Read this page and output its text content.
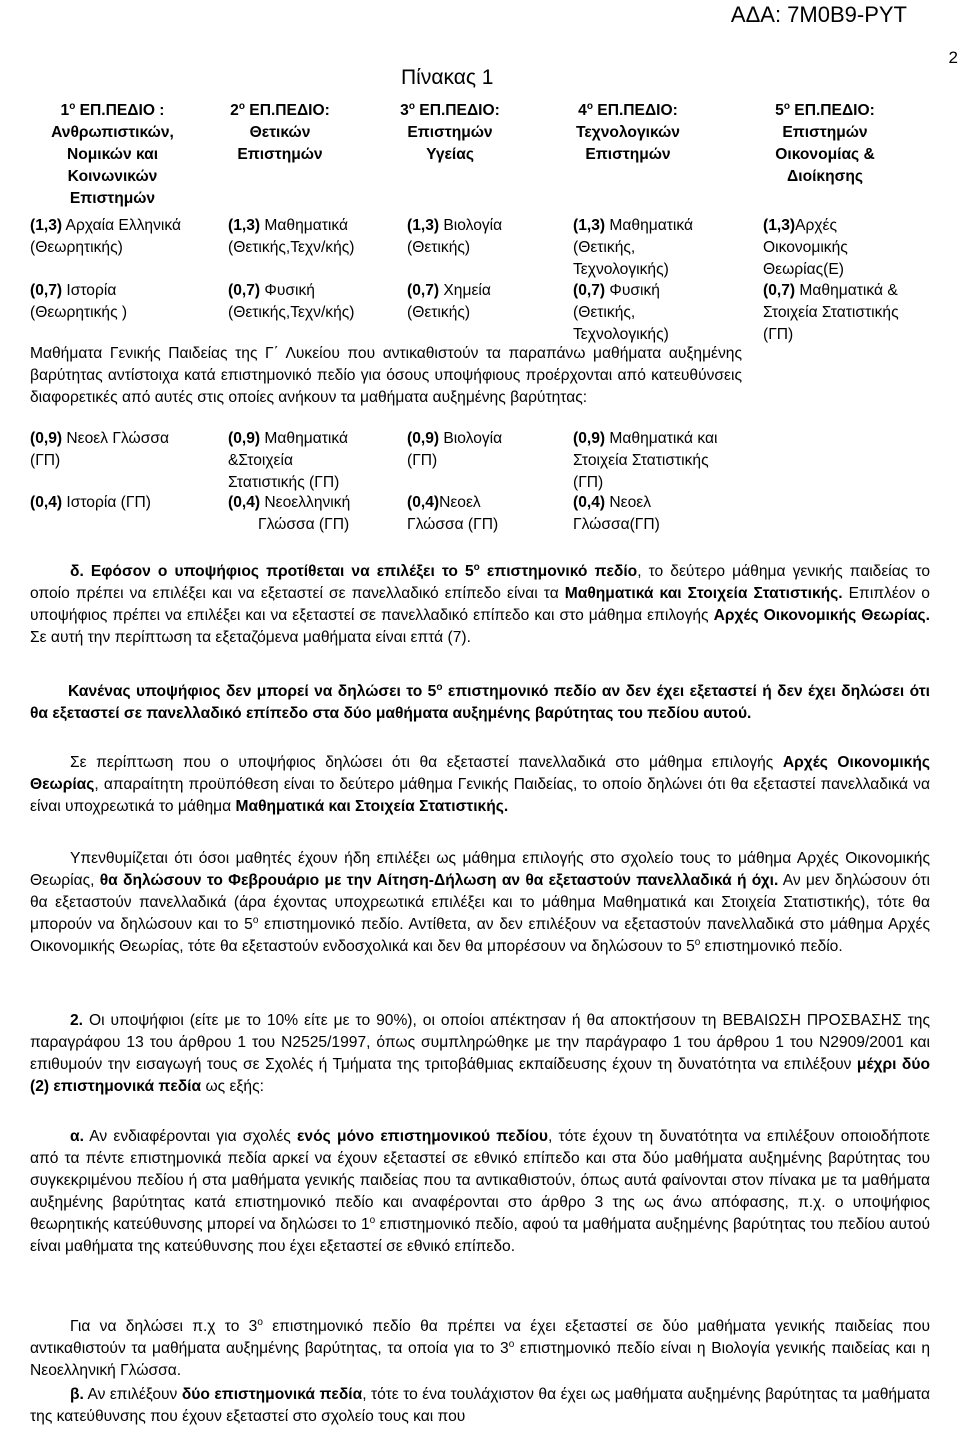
ΑΔΑ: 7Μ0Β9-ΡΥΤ
2
Πίνακας 1
$1^o$ ΕΠ.ΠΕΔΙΟ :
Ανθρωπιστικών,
Νομικών και
Κοινωνικών
Επιστημών
$2^o$ ΕΠ.ΠΕΔΙΟ:
Θετικών
Επιστημών
$3^o$ ΕΠ.ΠΕΔΙΟ:
Επιστημών
Υγείας
$4^o$ ΕΠ.ΠΕΔΙΟ:
Τεχνολογικών
Επιστημών
$5^o$ ΕΠ.ΠΕΔΙΟ:
Επιστημών
Οικονομίας &
Διοίκησης
(1,3) Αρχαία Ελληνικά
(Θεωρητικής)
(1,3) Μαθηματικά
(Θετικής,Τεχν/κής)
(1,3) Βιολογία
(Θετικής)
(1,3) Μαθηματικά
(Θετικής,
Τεχνολογικής)
(1,3)Αρχές
Οικονομικής
Θεωρίας(Ε)
(0,7) Ιστορία
(Θεωρητικής )
(0,7) Φυσική
(Θετικής,Τεχν/κής)
(0,7) Χημεία
(Θετικής)
(0,7) Φυσική
(Θετικής,
Τεχνολογικής)
(0,7) Μαθηματικά &
Στοιχεία Στατιστικής
(ΓΠ)
Μαθήματα Γενικής Παιδείας της Γ΄ Λυκείου που αντικαθιστούν τα παραπάνω μαθήματα αυξημένης βαρύτητας αντίστοιχα κατά επιστημονικό πεδίο για όσους υποψήφιους προέρχονται από κατευθύνσεις διαφορετικές από αυτές στις οποίες ανήκουν τα μαθήματα αυξημένης βαρύτητας:
(0,9) Νεοελ Γλώσσα
(ΓΠ)
(0,9) Μαθηματικά
&Στοιχεία
Στατιστικής (ΓΠ)
(0,9) Βιολογία
(ΓΠ)
(0,9) Μαθηματικά και
Στοιχεία Στατιστικής
(ΓΠ)
(0,4) Ιστορία (ΓΠ)	(0,4) Νεοελληνική
Γλώσσα (ΓΠ)
(0,4)Νεοελ
Γλώσσα (ΓΠ)
(0,4) Νεοελ
Γλώσσα(ΓΠ)

δ. Εφόσον ο υποψήφιος προτίθεται να επιλέξει το $5^o$ επιστημονικό πεδίο, το δεύτερο μάθημα γενικής παιδείας το οποίο πρέπει να επιλέξει και να εξεταστεί σε πανελλαδικό επίπεδο είναι τα Μαθηματικά και Στοιχεία Στατιστικής. Επιπλέον ο υποψήφιος πρέπει να επιλέξει και να εξεταστεί σε πανελλαδικό επίπεδο και στο μάθημα επιλογής Αρχές Οικονομικής Θεωρίας. Σε αυτή την περίπτωση τα εξεταζόμενα μαθήματα είναι επτά (7).

Κανένας υποψήφιος δεν μπορεί να δηλώσει το $5^o$ επιστημονικό πεδίο αν δεν έχει εξεταστεί ή δεν έχει δηλώσει ότι θα εξεταστεί σε πανελλαδικό επίπεδο στα δύο μαθήματα αυξημένης βαρύτητας του πεδίου αυτού.

Σε περίπτωση που ο υποψήφιος δηλώσει ότι θα εξεταστεί πανελλαδικά στο μάθημα επιλογής Αρχές Οικονομικής Θεωρίας, απαραίτητη προϋπόθεση είναι το δεύτερο μάθημα Γενικής Παιδείας, το οποίο δηλώνει ότι θα εξεταστεί πανελλαδικά να είναι υποχρεωτικά το μάθημα Μαθηματικά και Στοιχεία Στατιστικής.

Υπενθυμίζεται ότι όσοι μαθητές έχουν ήδη επιλέξει ως μάθημα επιλογής στο σχολείο τους το μάθημα Αρχές Οικονομικής Θεωρίας, θα δηλώσουν το Φεβρουάριο με την Αίτηση-Δήλωση αν θα εξεταστούν πανελλαδικά ή όχι. Αν μεν δηλώσουν ότι θα εξεταστούν πανελλαδικά (άρα έχοντας υποχρεωτικά επιλέξει και το μάθημα Μαθηματικά και Στοιχεία Στατιστικής), τότε θα μπορούν να δηλώσουν και το $5^o$ επιστημονικό πεδίο. Αντίθετα, αν δεν επιλέξουν να εξεταστούν πανελλαδικά στο μάθημα Αρχές Οικονομικής Θεωρίας, τότε θα εξεταστούν ενδοσχολικά και δεν θα μπορέσουν να δηλώσουν το $5^o$ επιστημονικό πεδίο.

2. Οι υποψήφιοι (είτε με το 10% είτε με το 90%), οι οποίοι απέκτησαν ή θα αποκτήσουν τη ΒΕΒΑΙΩΣΗ ΠΡΟΣΒΑΣΗΣ της παραγράφου 13 του άρθρου 1 του Ν2525/1997, όπως συμπληρώθηκε με την παράγραφο 1 του άρθρου 1 του Ν2909/2001 και επιθυμούν την εισαγωγή τους σε Σχολές ή Τμήματα της τριτοβάθμιας εκπαίδευσης έχουν τη δυνατότητα να επιλέξουν μέχρι δύο (2) επιστημονικά πεδία ως εξής:

α. Αν ενδιαφέρονται για σχολές ενός μόνο επιστημονικού πεδίου, τότε έχουν τη δυνατότητα να επιλέξουν οποιοδήποτε από τα πέντε επιστημονικά πεδία αρκεί να έχουν εξεταστεί σε εθνικό επίπεδο και στα δύο μαθήματα αυξημένης βαρύτητας του συγκεκριμένου πεδίου ή στα μαθήματα γενικής παιδείας που τα αντικαθιστούν, όπως αυτά φαίνονται στον πίνακα με τα μαθήματα αυξημένης βαρύτητας κατά επιστημονικό πεδίο και αναφέρονται στο άρθρο 3 της ως άνω απόφασης, π.χ. ο υποψήφιος θεωρητικής κατεύθυνσης μπορεί να δηλώσει το $1^o$ επιστημονικό πεδίο, αφού τα μαθήματα αυξημένης βαρύτητας του πεδίου αυτού είναι μαθήματα της κατεύθυνσης που έχει εξεταστεί σε εθνικό επίπεδο.

Για να δηλώσει π.χ το $3^o$ επιστημονικό πεδίο θα πρέπει να έχει εξεταστεί σε δύο μαθήματα γενικής παιδείας που αντικαθιστούν τα μαθήματα αυξημένης βαρύτητας, τα οποία για το $3^o$ επιστημονικό πεδίο είναι η Βιολογία γενικής παιδείας και η Νεοελληνική Γλώσσα.

β. Αν επιλέξουν δύο επιστημονικά πεδία, τότε το ένα τουλάχιστον θα έχει ως μαθήματα αυξημένης βαρύτητας τα μαθήματα της κατεύθυνσης που έχουν εξεταστεί στο σχολείο τους και που
